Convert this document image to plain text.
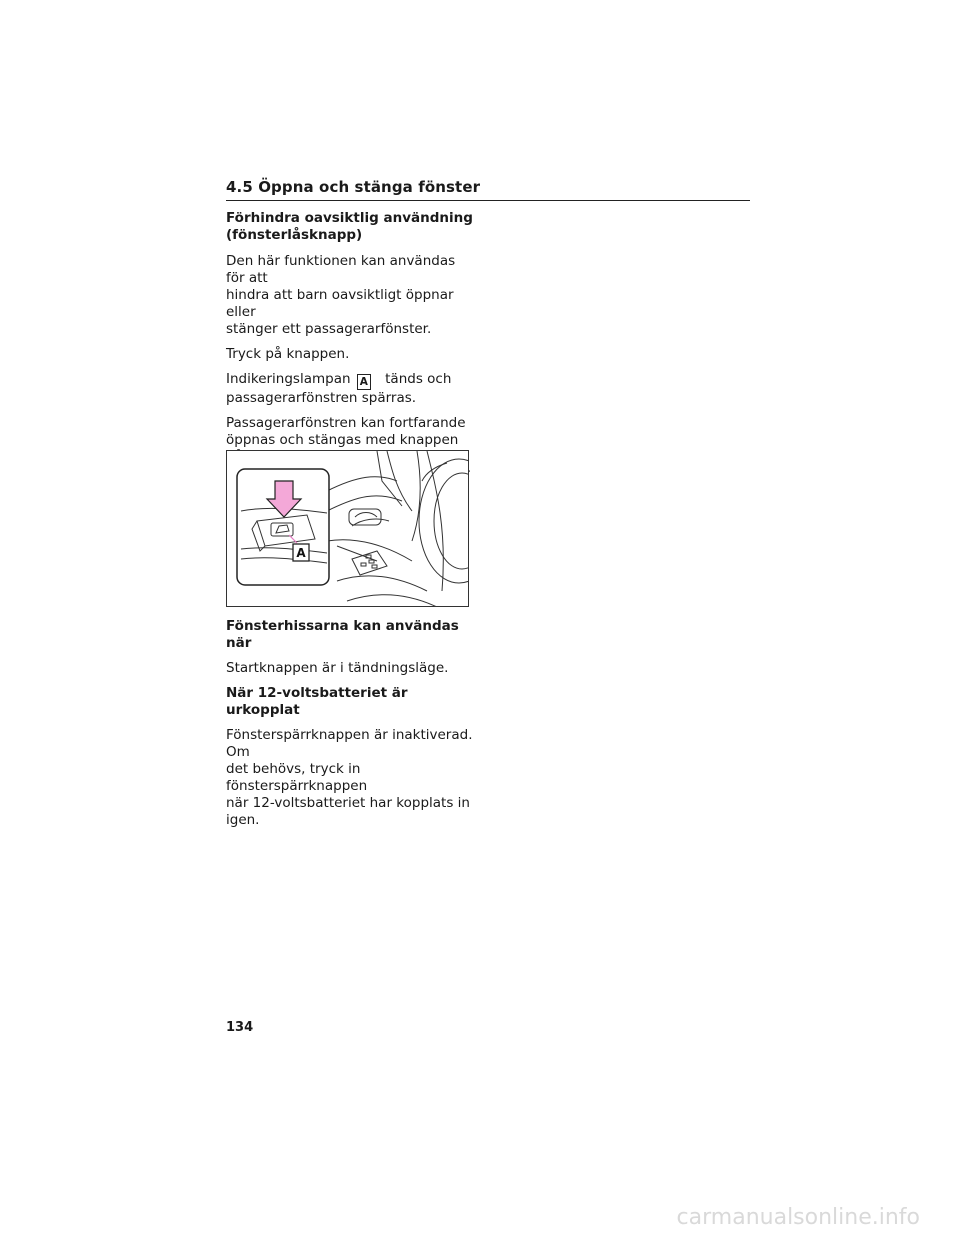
4.5 Öppna och stänga fönster

Förhindra oavsiktlig användning

(fönsterlåsknapp)

Den här funktionen kan användas för att

hindra att barn oavsiktligt öppnar eller

stänger ett passagerarfönster.

Tryck på knappen.

Indikeringslampan A tänds och

passagerarfönstren spärras.

Passagerarfönstren kan fortfarande

öppnas och stängas med knappen

A

Fönsterhissarna kan användas när

Startknappen är i tändningsläge.

När 12-voltsbatteriet är urkopplat

Fönsterspärrknappen är inaktiverad. Om

det behövs, tryck in fönsterspärrknappen

när 12-voltsbatteriet har kopplats in

igen.

134
carmanualsonline.info
